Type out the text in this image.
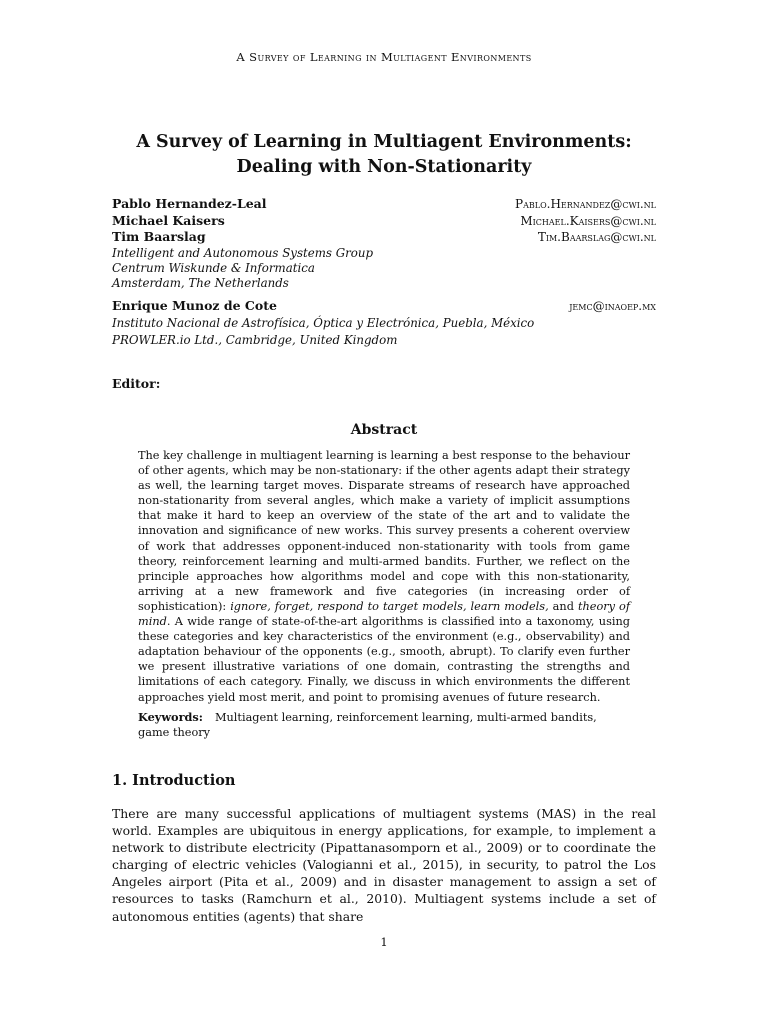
A Survey of Learning in Multiagent Environments
A Survey of Learning in Multiagent Environments:
Dealing with Non-Stationarity
Pablo Hernandez-Leal	Pablo.Hernandez@cwi.nl
Michael Kaisers	Michael.Kaisers@cwi.nl
Tim Baarslag	Tim.Baarslag@cwi.nl
Intelligent and Autonomous Systems Group
Centrum Wiskunde & Informatica
Amsterdam, The Netherlands
Enrique Munoz de Cote	jemc@inaoep.mx
Instituto Nacional de Astrofísica, Óptica y Electrónica, Puebla, México
PROWLER.io Ltd., Cambridge, United Kingdom
Editor:
Abstract
The key challenge in multiagent learning is learning a best response to the behaviour of other agents, which may be non-stationary: if the other agents adapt their strategy as well, the learning target moves. Disparate streams of research have approached non-stationarity from several angles, which make a variety of implicit assumptions that make it hard to keep an overview of the state of the art and to validate the innovation and significance of new works. This survey presents a coherent overview of work that addresses opponent-induced non-stationarity with tools from game theory, reinforcement learning and multi-armed bandits. Further, we reflect on the principle approaches how algorithms model and cope with this non-stationarity, arriving at a new framework and five categories (in increasing order of sophistication): ignore, forget, respond to target models, learn models, and theory of mind. A wide range of state-of-the-art algorithms is classified into a taxonomy, using these categories and key characteristics of the environment (e.g., observability) and adaptation behaviour of the opponents (e.g., smooth, abrupt). To clarify even further we present illustrative variations of one domain, contrasting the strengths and limitations of each category. Finally, we discuss in which environments the different approaches yield most merit, and point to promising avenues of future research.
Keywords: Multiagent learning, reinforcement learning, multi-armed bandits, game theory
1. Introduction
There are many successful applications of multiagent systems (MAS) in the real world. Examples are ubiquitous in energy applications, for example, to implement a network to distribute electricity (Pipattanasomporn et al., 2009) or to coordinate the charging of electric vehicles (Valogianni et al., 2015), in security, to patrol the Los Angeles airport (Pita et al., 2009) and in disaster management to assign a set of resources to tasks (Ramchurn et al., 2010). Multiagent systems include a set of autonomous entities (agents) that share
1
